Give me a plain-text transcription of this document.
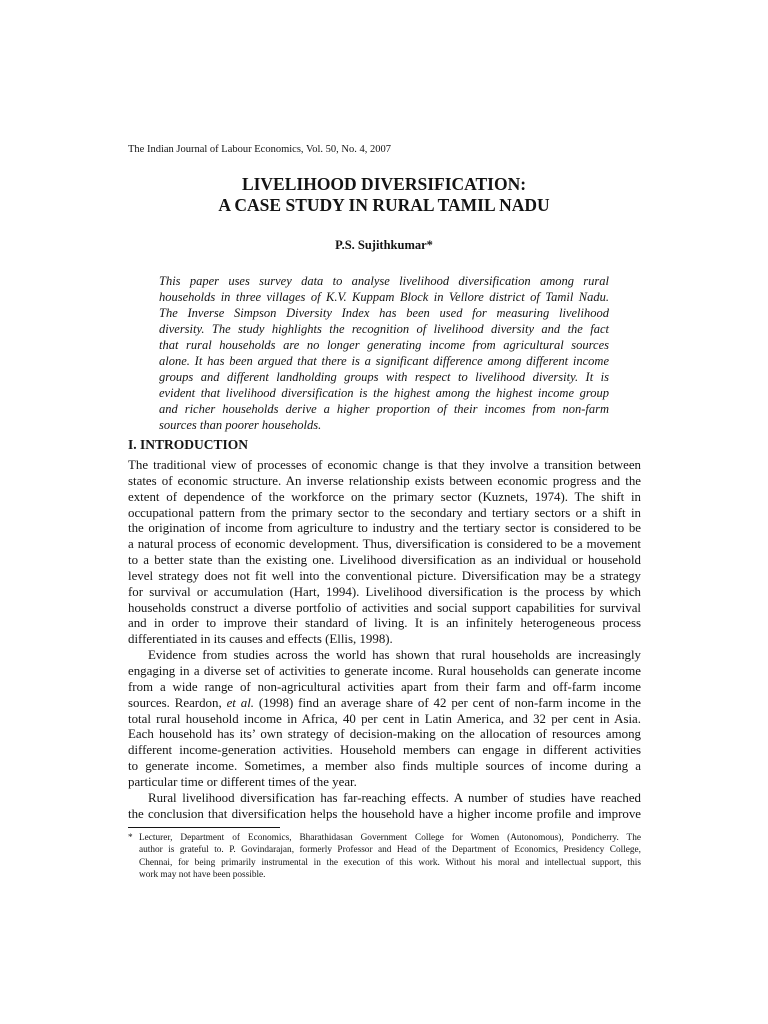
The Indian Journal of Labour Economics, Vol. 50, No. 4, 2007
LIVELIHOOD DIVERSIFICATION:
A CASE STUDY IN RURAL TAMIL NADU
P.S. Sujithkumar*
This paper uses survey data to analyse livelihood diversification among rural
households in three villages of K.V. Kuppam Block in Vellore district of Tamil Nadu.
The Inverse Simpson Diversity Index has been used for measuring livelihood
diversity. The study highlights the recognition of livelihood diversity and the fact
that rural households are no longer generating income from agricultural sources
alone. It has been argued that there is a significant difference among different income
groups and different landholding groups with respect to livelihood diversity. It is
evident that livelihood diversification is the highest among the highest income group
and richer households derive a higher proportion of their incomes from non-farm
sources than poorer households.
I. INTRODUCTION
The traditional view of processes of economic change is that they involve a transition between
states of economic structure. An inverse relationship exists between economic progress and the
extent of dependence of the workforce on the primary sector (Kuznets, 1974). The shift in
occupational pattern from the primary sector to the secondary and tertiary sectors or a shift in
the origination of income from agriculture to industry and the tertiary sector is considered to be
a natural process of economic development. Thus, diversification is considered to be a movement
to a better state than the existing one. Livelihood diversification as an individual or household
level strategy does not fit well into the conventional picture. Diversification may be a strategy
for survival or accumulation (Hart, 1994). Livelihood diversification is the process by which
households construct a diverse portfolio of activities and social support capabilities for survival
and in order to improve their standard of living. It is an infinitely heterogeneous process
differentiated in its causes and effects (Ellis, 1998).
Evidence from studies across the world has shown that rural households are increasingly
engaging in a diverse set of activities to generate income. Rural households can generate income
from a wide range of non-agricultural activities apart from their farm and off-farm income
sources. Reardon, et al. (1998) find an average share of 42 per cent of non-farm income in the
total rural household income in Africa, 40 per cent in Latin America, and 32 per cent in Asia.
Each household has its’ own strategy of decision-making on the allocation of resources among
different income-generation activities. Household members can engage in different activities
to generate income. Sometimes, a member also finds multiple sources of income during a
particular time or different times of the year.
Rural livelihood diversification has far-reaching effects. A number of studies have reached
the conclusion that diversification helps the household have a higher income profile and improve
* Lecturer, Department of Economics, Bharathidasan Government College for Women (Autonomous), Pondicherry. The
author is grateful to. P. Govindarajan, formerly Professor and Head of the Department of Economics, Presidency College,
Chennai, for being primarily instrumental in the execution of this work. Without his moral and intellectual support, this
work may not have been possible.
